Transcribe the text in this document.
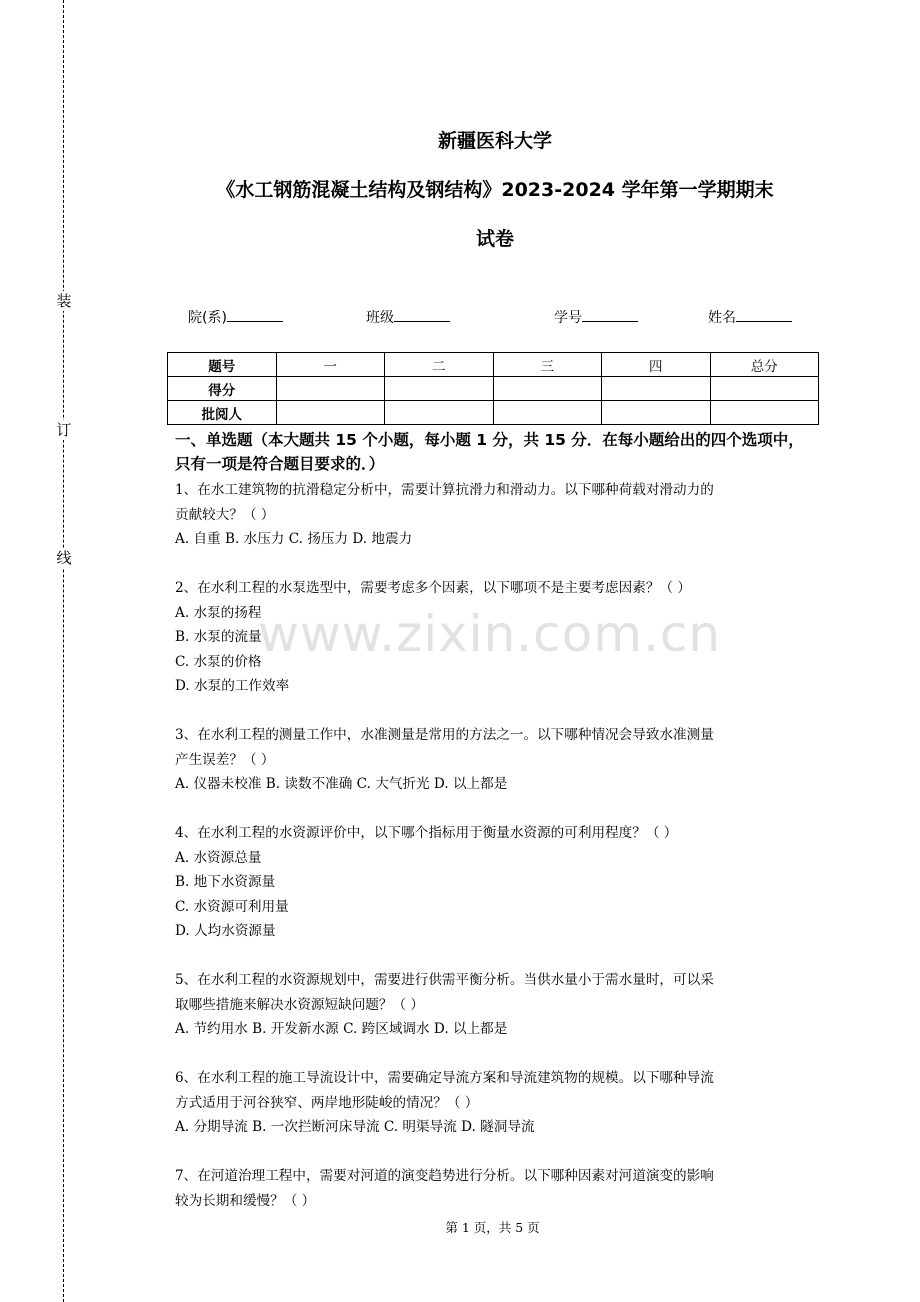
装
订
线
新疆医科大学
《水工钢筋混凝土结构及钢结构》2023-2024 学年第一学期期末
试卷
院(系)	班级	学号	姓名
题号	一	二	三	四	总分
得分					
批阅人					
一、单选题（本大题共 15 个小题，每小题 1 分，共 15 分．在每小题给出的四个选项中，只有一项是符合题目要求的．）

1、在水工建筑物的抗滑稳定分析中，需要计算抗滑力和滑动力。以下哪种荷载对滑动力的

贡献较大？（ ）

A. 自重 B. 水压力 C. 扬压力 D. 地震力

2、在水利工程的水泵选型中，需要考虑多个因素，以下哪项不是主要考虑因素？（ ）

A. 水泵的扬程

B. 水泵的流量

C. 水泵的价格

D. 水泵的工作效率

3、在水利工程的测量工作中，水准测量是常用的方法之一。以下哪种情况会导致水准测量

产生误差？（ ）

A. 仪器未校准 B. 读数不准确 C. 大气折光 D. 以上都是

4、在水利工程的水资源评价中，以下哪个指标用于衡量水资源的可利用程度？（ ）

A. 水资源总量

B. 地下水资源量

C. 水资源可利用量

D. 人均水资源量

5、在水利工程的水资源规划中，需要进行供需平衡分析。当供水量小于需水量时，可以采

取哪些措施来解决水资源短缺问题？（ ）

A. 节约用水 B. 开发新水源 C. 跨区域调水 D. 以上都是

6、在水利工程的施工导流设计中，需要确定导流方案和导流建筑物的规模。以下哪种导流

方式适用于河谷狭窄、两岸地形陡峻的情况？（ ）

A. 分期导流 B. 一次拦断河床导流 C. 明渠导流 D. 隧洞导流

7、在河道治理工程中，需要对河道的演变趋势进行分析。以下哪种因素对河道演变的影响

较为长期和缓慢？（ ）

www.zixin.com.cn
第 1 页，共 5 页
